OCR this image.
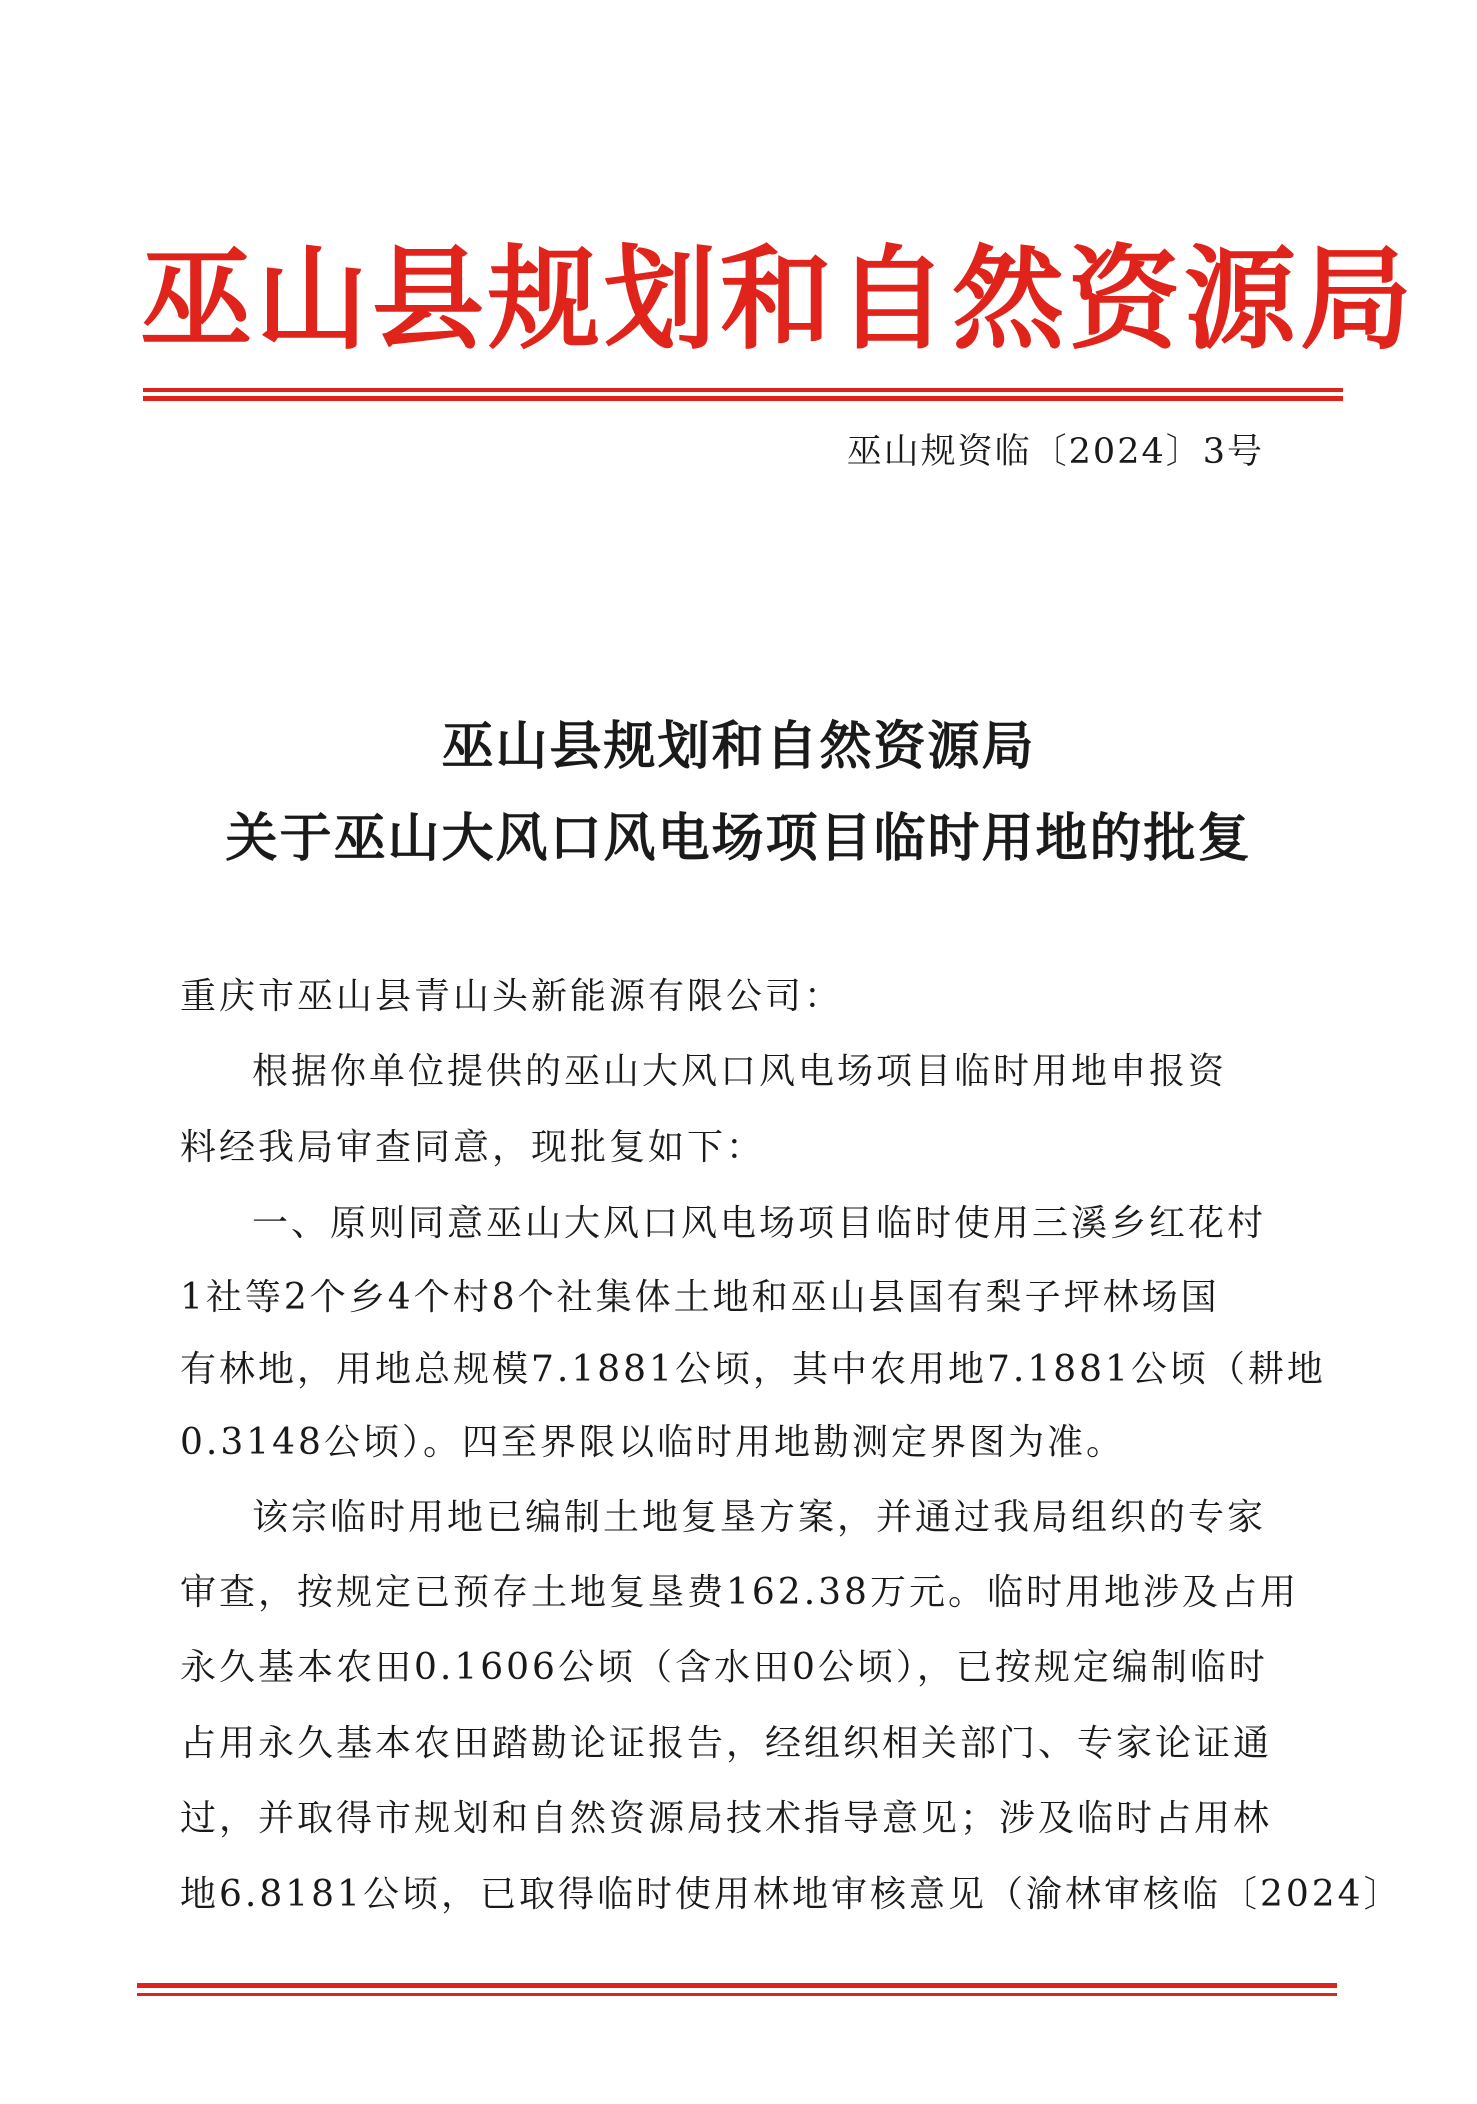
巫山县规划和自然资源局
巫山规资临〔2024〕3号
巫山县规划和自然资源局
关于巫山大风口风电场项目临时用地的批复
重庆市巫山县青山头新能源有限公司：
根据你单位提供的巫山大风口风电场项目临时用地申报资
料经我局审查同意，现批复如下：
一、原则同意巫山大风口风电场项目临时使用三溪乡红花村
1社等2个乡4个村8个社集体土地和巫山县国有梨子坪林场国
有林地，用地总规模7.1881公顷，其中农用地7.1881公顷（耕地
0.3148公顷）。四至界限以临时用地勘测定界图为准。
该宗临时用地已编制土地复垦方案，并通过我局组织的专家
审查，按规定已预存土地复垦费162.38万元。临时用地涉及占用
永久基本农田0.1606公顷（含水田0公顷），已按规定编制临时
占用永久基本农田踏勘论证报告，经组织相关部门、专家论证通
过，并取得市规划和自然资源局技术指导意见；涉及临时占用林
地6.8181公顷，已取得临时使用林地审核意见（渝林审核临〔2024〕
